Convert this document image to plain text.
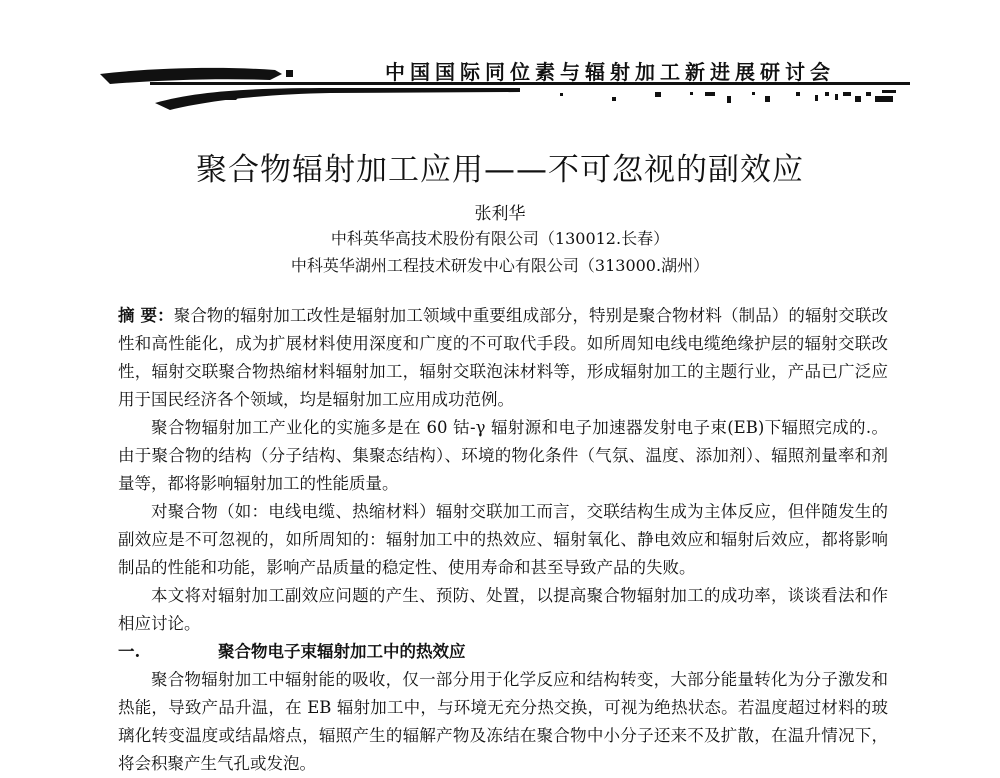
中国国际同位素与辐射加工新进展研讨会
聚合物辐射加工应用——不可忽视的副效应
张利华
中科英华高技术股份有限公司（130012.长春）
中科英华湖州工程技术研发中心有限公司（313000.湖州）

摘 要：聚合物的辐射加工改性是辐射加工领域中重要组成部分，特别是聚合物材料（制品）的辐射交联改性和高性能化，成为扩展材料使用深度和广度的不可取代手段。如所周知电线电缆绝缘护层的辐射交联改性，辐射交联聚合物热缩材料辐射加工，辐射交联泡沫材料等，形成辐射加工的主题行业，产品已广泛应用于国民经济各个领域，均是辐射加工应用成功范例。

聚合物辐射加工产业化的实施多是在 60 钴-γ 辐射源和电子加速器发射电子束(EB)下辐照完成的.。由于聚合物的结构（分子结构、集聚态结构）、环境的物化条件（气氛、温度、添加剂）、辐照剂量率和剂量等，都将影响辐射加工的性能质量。

对聚合物（如：电线电缆、热缩材料）辐射交联加工而言，交联结构生成为主体反应，但伴随发生的副效应是不可忽视的，如所周知的：辐射加工中的热效应、辐射氧化、静电效应和辐射后效应，都将影响制品的性能和功能，影响产品质量的稳定性、使用寿命和甚至导致产品的失败。

本文将对辐射加工副效应问题的产生、预防、处置，以提高聚合物辐射加工的成功率，谈谈看法和作相应讨论。

一.	聚合物电子束辐射加工中的热效应

聚合物辐射加工中辐射能的吸收，仅一部分用于化学反应和结构转变，大部分能量转化为分子激发和热能，导致产品升温，在 EB 辐射加工中，与环境无充分热交换，可视为绝热状态。若温度超过材料的玻璃化转变温度或结晶熔点，辐照产生的辐解产物及冻结在聚合物中小分子还来不及扩散，在温升情况下，将会积聚产生气孔或发泡。
